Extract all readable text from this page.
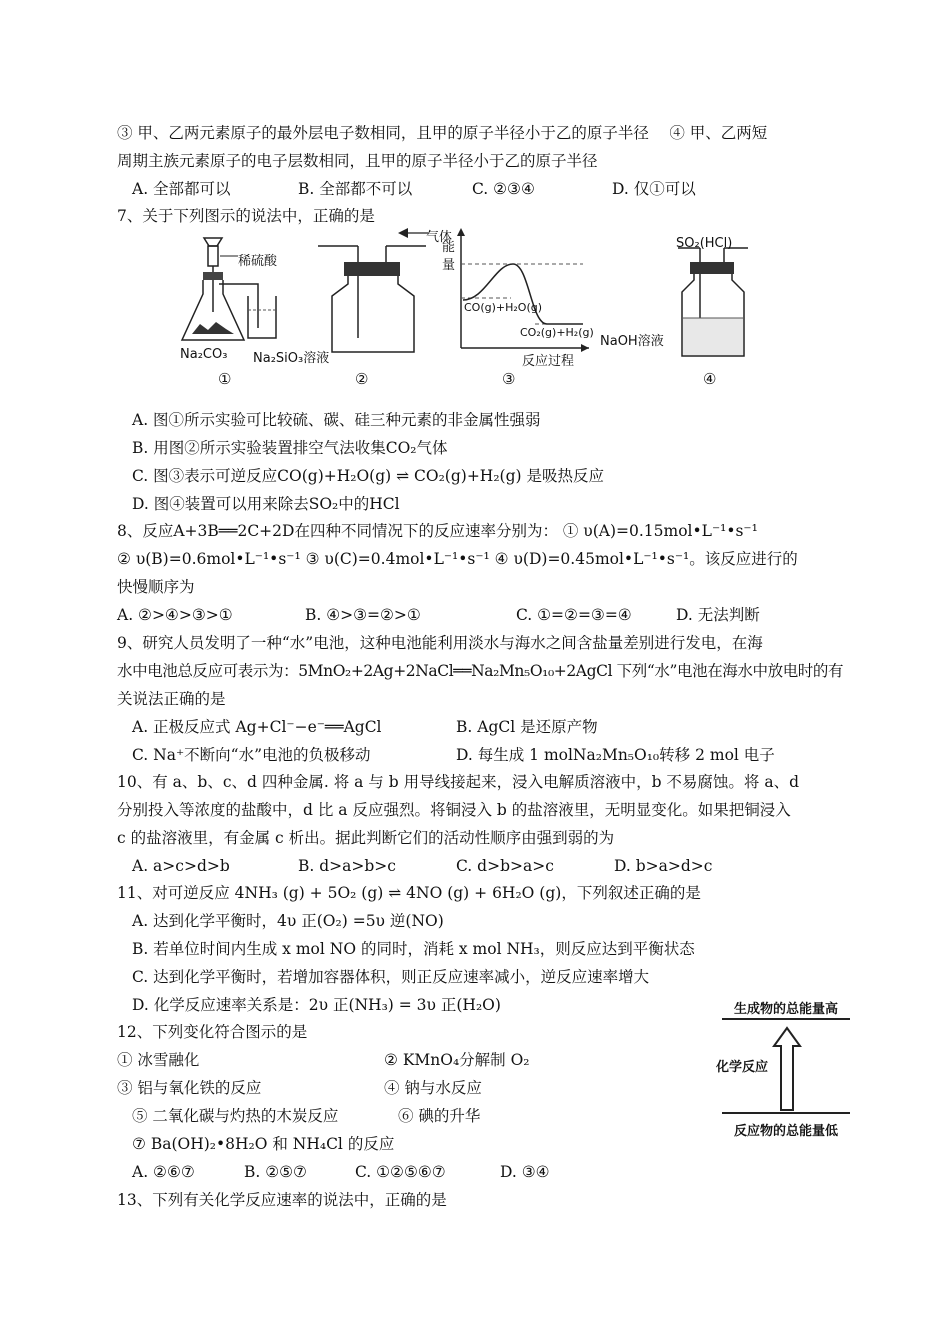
③ 甲、乙两元素原子的最外层电子数相同，且甲的原子半径小于乙的原子半径　 ④ 甲、乙两短
周期主族元素原子的电子层数相同，且甲的原子半径小于乙的原子半径
A. 全部都可以	B. 全部都不可以	C. ②③④	D. 仅①可以
7、关于下列图示的说法中，正确的是
稀硫酸
Na₂CO₃ Na₂SiO₃溶液
①
气体
②
能
量
CO(g)+H₂O(g)
CO₂(g)+H₂(g)
反应过程
③
SO₂(HCl)
NaOH溶液
④
A. 图①所示实验可比较硫、碳、硅三种元素的非金属性强弱
B. 用图②所示实验装置排空气法收集CO₂气体
C. 图③表示可逆反应CO(g)+H₂O(g) ⇌ CO₂(g)+H₂(g) 是吸热反应
D. 图④装置可以用来除去SO₂中的HCl
8、反应A+3B══2C+2D在四种不同情况下的反应速率分别为： ① υ(A)=0.15mol•L⁻¹•s⁻¹
② υ(B)=0.6mol•L⁻¹•s⁻¹ ③ υ(C)=0.4mol•L⁻¹•s⁻¹ ④ υ(D)=0.45mol•L⁻¹•s⁻¹。该反应进行的
快慢顺序为
A. ②>④>③>①	B. ④>③=②>①	C. ①=②=③=④	D. 无法判断
9、研究人员发明了一种“水”电池，这种电池能利用淡水与海水之间含盐量差别进行发电，在海
水中电池总反应可表示为：5MnO₂+2Ag+2NaCl══Na₂Mn₅O₁₀+2AgCl 下列“水”电池在海水中放电时的有
关说法正确的是
A. 正极反应式 Ag+Cl⁻−e⁻══AgCl	B. AgCl 是还原产物
C. Na⁺不断向“水”电池的负极移动	D. 每生成 1 molNa₂Mn₅O₁₀转移 2 mol 电子
10、有 a、b、c、d 四种金属. 将 a 与 b 用导线接起来，浸入电解质溶液中，b 不易腐蚀。将 a、d
分别投入等浓度的盐酸中，d 比 a 反应强烈。将铜浸入 b 的盐溶液里，无明显变化。如果把铜浸入
c 的盐溶液里，有金属 c 析出。据此判断它们的活动性顺序由强到弱的为
A. a>c>d>b	B. d>a>b>c	C. d>b>a>c	D. b>a>d>c
11、对可逆反应 4NH₃ (g) + 5O₂ (g) ⇌ 4NO (g) + 6H₂O (g)，下列叙述正确的是
A. 达到化学平衡时，4υ 正(O₂) =5υ 逆(NO)
B. 若单位时间内生成 x mol NO 的同时，消耗 x mol NH₃，则反应达到平衡状态
C. 达到化学平衡时，若增加容器体积，则正反应速率减小，逆反应速率增大
D. 化学反应速率关系是：2υ 正(NH₃) = 3υ 正(H₂O)	生成物的总能量高
化学反应
反应物的总能量低
12、下列变化符合图示的是
① 冰雪融化	② KMnO₄分解制 O₂
③ 铝与氧化铁的反应	④ 钠与水反应
⑤ 二氧化碳与灼热的木炭反应	⑥ 碘的升华
⑦ Ba(OH)₂•8H₂O 和 NH₄Cl 的反应
A. ②⑥⑦	B. ②⑤⑦	C. ①②⑤⑥⑦	D. ③④
13、下列有关化学反应速率的说法中，正确的是
